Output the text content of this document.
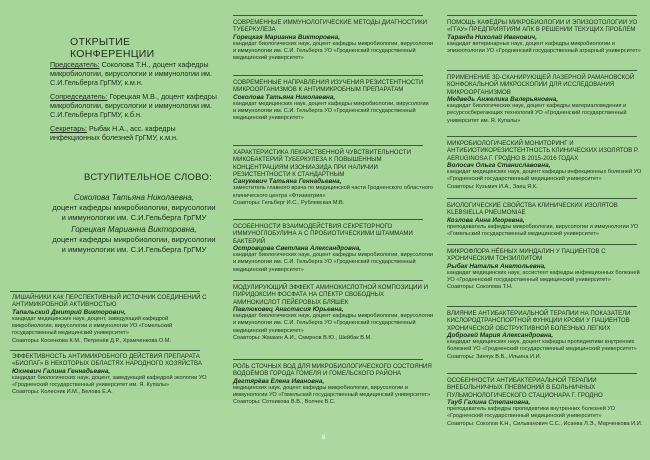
ОТКРЫТИЕ КОНФЕРЕНЦИИ
Председатель: Соколова Т.Н., доцент кафедры микробиологии, вирусологии и иммунологии им. С.И.Гельберга ГрГМУ, к.м.н.
Сопредседатель: Горецкая М.В., доцент кафедры микробиологии, вирусологии и иммунологии им. С.И.Гельберга ГрГМУ, к.б.н.
Секретарь: Рыбак Н.А., асс. кафедры инфекционных болезней ГрГМУ, к.м.н.
ВСТУПИТЕЛЬНОЕ СЛОВО:
Соколова Татьяна Николаевна,
доцент кафедры микробиологии, вирусологии и иммунологии им. С.И.Гельберга ГрГМУ
Горецкая Марианна Викторовна,
доцент кафедры микробиологии, вирусологии и иммунологии им. С.И.Гельберга ГрГМУ
ЛИШАЙНИКИ КАК ПЕРСПЕКТИВНЫЙ ИСТОЧНИК СОЕДИНЕНИЙ С АНТИМИКРОБНОЙ АКТИВНОСТЬЮ
Тапальский Дмитрий Викторович,
кандидат медицинских наук, доцент, заведующий кафедрой микробиологии, вирусологии и иммунологии УО «Гомельский государственный медицинский университет»
Соавторы: Косенкова К.М., Петренёв Д.Р., Храмченкова О.М.
ЭФФЕКТИВНОСТЬ АНТИМИКРОБНОГО ДЕЙСТВИЯ ПРЕПАРАТА «БИОПАГ» В НЕКОТОРЫХ ОБЛАСТЯХ НАРОДНОГО ХОЗЯЙСТВА
Юхневич Галина Геннадьевна,
кандидат биологических наук, доцент, заведующий кафедрой экологии УО «Гродненский государственный университет им. Я. Купалы»
Соавторы: Колесник И.М., Белова Е.А.
СОВРЕМЕННЫЕ ИММУНОЛОГИЧЕСКИЕ МЕТОДЫ ДИАГНОСТИКИ ТУБЕРКУЛЕЗА
Горецкая Марианна Викторовна,
кандидат биологических наук, доцент кафедры микробиологии, вирусологии и иммунологии им. С.И. Гельберга УО «Гродненский государственный медицинский университет»
СОВРЕМЕННЫЕ НАПРАВЛЕНИЯ ИЗУЧЕНИЯ РЕЗИСТЕНТНОСТИ МИКРООРГАНИЗМОВ К АНТИМИКРОБНЫМ ПРЕПАРАТАМ
Соколова Татьяна Николаевна,
кандидат медицинских наук, доцент кафедры микробиологии, вирусологии и иммунологии им. С.И. Гельберга УО «Гродненский государственный медицинский университет»
ХАРАКТЕРИСТИКА ЛЕКАРСТВЕННОЙ ЧУВСТВИТЕЛЬНОСТИ МИКОБАКТЕРИЙ ТУБЕРКУЛЕЗА К ПОВЫШЕННЫМ КОНЦЕНТРАЦИЯМ ИЗОНИАЗИДА ПРИ НАЛИЧИИ РЕЗИСТЕНТНОСТИ К СТАНДАРТНЫМ
Санукевич Татьяна Геннадьевна,
заместитель главного врача по медицинской части Гродненского областного клинического центра «Фтизиатрия»
Соавторы: Гельберг И.С., Рублевская М.В.
ОСОБЕННОСТИ ВЗАИМОДЕЙСТВИЯ СЕКРЕТОРНОГО ИММУНОГЛОБУЛИНА А С ПРОБИОТИЧЕСКИМИ ШТАММАМИ БАКТЕРИЙ
Островцова Светлана Александровна,
кандидат биологических наук, доцент кафедры микробиологии, вирусологии и иммунологии им. С.И. Гельберга УО «Гродненский государственный медицинский университет»
МОДУЛИРУЮЩИЙ ЭФФЕКТ АМИНОКИСЛОТНОЙ КОМПОЗИЦИИ И ПИРИДОКСИН ФОСФАТА НА СПЕКТР СВОБОДНЫХ АМИНОКИСЛОТ ПЕЙЕРОВЫХ БЛЯШЕК
Павлюковец Анастасия Юрьевна,
кандидат биологических наук, доцент кафедры микробиологии, вирусологии и иммунологии им. С.И. Гельберга УО «Гродненский государственный медицинский университет»
Соавторы: Жмакин А.И., Смирнов В.Ю., Шейбак В.М.
РОЛЬ СТОЧНЫХ ВОД ДЛЯ МИКРОБИОЛОГИЧЕСКОГО СОСТОЯНИЯ ВОДОЁМОВ ГОРОДА ГОМЕЛЯ И ГОМЕЛЬСКОГО РАЙОНА
Дегтярёва Елена Ивановна,
медицинских наук, доцент кафедры микробиологии, вирусологии и иммунологии УО «Гомельский государственный медицинский университет»
Соавторы: Сотникова В.В., Волчек В.С.
ПОМОЩЬ КАФЕДРЫ МИКРОБИОЛОГИИ И ЭПИЗООТОЛОГИИ УО «ГГАУ» ПРЕДПРИЯТИЯМ АПК В РЕШЕНИИ ТЕКУЩИХ ПРОБЛЕМ
Таранда Николай Иванович,
кандидат ветеринарных наук, доцент кафедры микробиологии и эпизоотологии УО «Гродненский государственный аграрный университет»
ПРИМЕНЕНИЕ 3D-СКАНИРУЮЩЕЙ ЛАЗЕРНОЙ РАМАНОВСКОЙ КОНФОКАЛЬНОЙ МИКРОСКОПИИ ДЛЯ ИССЛЕДОВАНИЯ МИКРООРГАНИЗМОВ
Медведь Анжелика Валерьяновна,
кандидат биологических наук, доцент кафедры материаловедения и ресурсосберегающих технологий УО «Гродненский государственный университет им. Я. Купалы»
МИКРОБИОЛОГИЧЕСКИЙ МОНИТОРИНГ И АНТИБИОТИКОРЕЗИСТЕНТНОСТЬ КЛИНИЧЕСКИХ ИЗОЛЯТОВ P. AERUGINOSA Г. ГРОДНО В 2015-2016 ГОДАХ
Волосач Ольга Станиславовна,
кандидат медицинских наук, доцент кафедры инфекционных болезней УО «Гродненский государственный медицинский университет»
Соавторы: Кузьмич И.А., Заец Я.К.
БИОЛОГИЧЕСКИЕ СВОЙСТВА КЛИНИЧЕСКИХ ИЗОЛЯТОВ KLEBSIELLA PNEUMONIAE
Козлова Анна Игоревна,
преподаватель кафедры микробиологии, вирусологии и иммунологии УО «Гомельский государственный медицинский университет»
МИКРОФЛОРА НЁБНЫХ МИНДАЛИН У ПАЦИЕНТОВ С ХРОНИЧЕСКИМ ТОНЗИЛЛИТОМ
Рыбак Наталья Анатольевна,
кандидат медицинских наук, ассистент кафедры инфекционных болезней УО «Гродненский государственный медицинский университет»
Соавторы: Соколова Т.Н.
ВЛИЯНИЕ АНТИБАКТЕРИАЛЬНОЙ ТЕРАПИИ НА ПОКАЗАТЕЛИ КИСЛОРОДТРАНСПОРТНОЙ ФУНКЦИИ КРОВИ У ПАЦИЕНТОВ ХРОНИЧЕСКОЙ ОБСТРУКТИВНОЙ БОЛЕЗНЬЮ ЛЕГКИХ
Доброгей Мария Александровна,
кандидат медицинских наук, доцент кафедры пропедевтики внутренних болезней УО «Гродненский государственный медицинский университет»
Соавторы: Зинчук В.В., Ильина И.И.
ОСОБЕННОСТИ АНТИБАКТЕРИАЛЬНОЙ ТЕРАПИИ ВНЕБОЛЬНИЧНЫХ ПНЕВМОНИЙ В БОЛЬНИЧНЫХ ПУЛЬМОНОЛОГИЧЕСКОГО СТАЦИОНАРА Г. ГРОДНО
Тауб Галина Степановна,
преподаватель кафедры пропедевтики внутренних болезней УО «Гродненский государственный медицинский университет»
Соавторы: Соколов К.Н., Сильванович С.С., Исаева Л.Э., Марченкова И.И.
8
